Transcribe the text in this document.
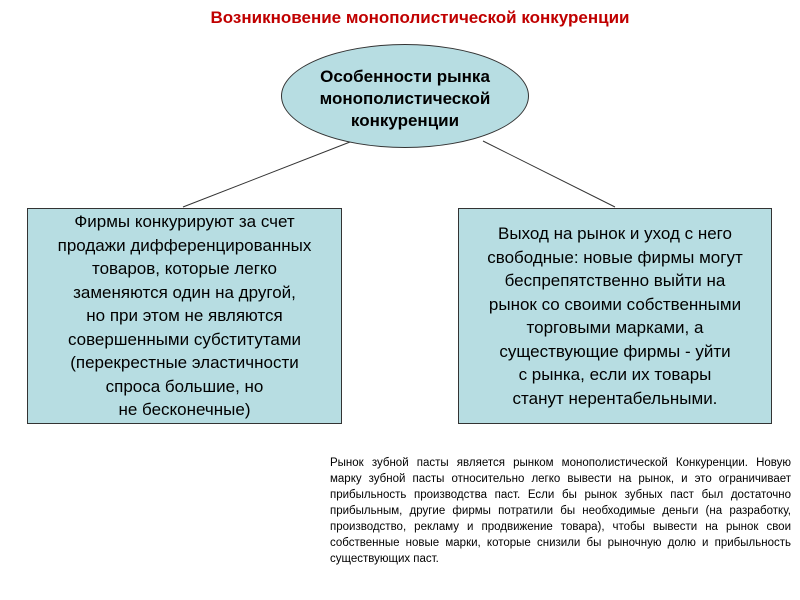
Возникновение монополистической конкуренции
Особенности рынка
монополистической
конкуренции
Фирмы конкурируют за счет
продажи дифференцированных
товаров, которые легко
заменяются один на другой,
но при этом не являются
совершенными субститутами
(перекрестные эластичности
спроса большие, но
не бесконечные)
Выход на рынок и уход с него
свободные: новые фирмы могут
беспрепятственно выйти на
рынок со своими собственными
торговыми марками, а
существующие фирмы - уйти
с рынка, если их товары
станут нерентабельными.
Рынок зубной пасты является рынком монополистической Конкуренции. Новую марку зубной пасты относительно легко вывести на рынок, и это ограничивает прибыльность производства паст. Если бы рынок зубных паст был достаточно прибыльным, другие фирмы потратили бы необходимые деньги (на разработку, производство, рекламу и продвижение товара), чтобы вывести на рынок свои собственные новые марки, которые снизили бы рыночную долю и прибыльность существующих паст.
